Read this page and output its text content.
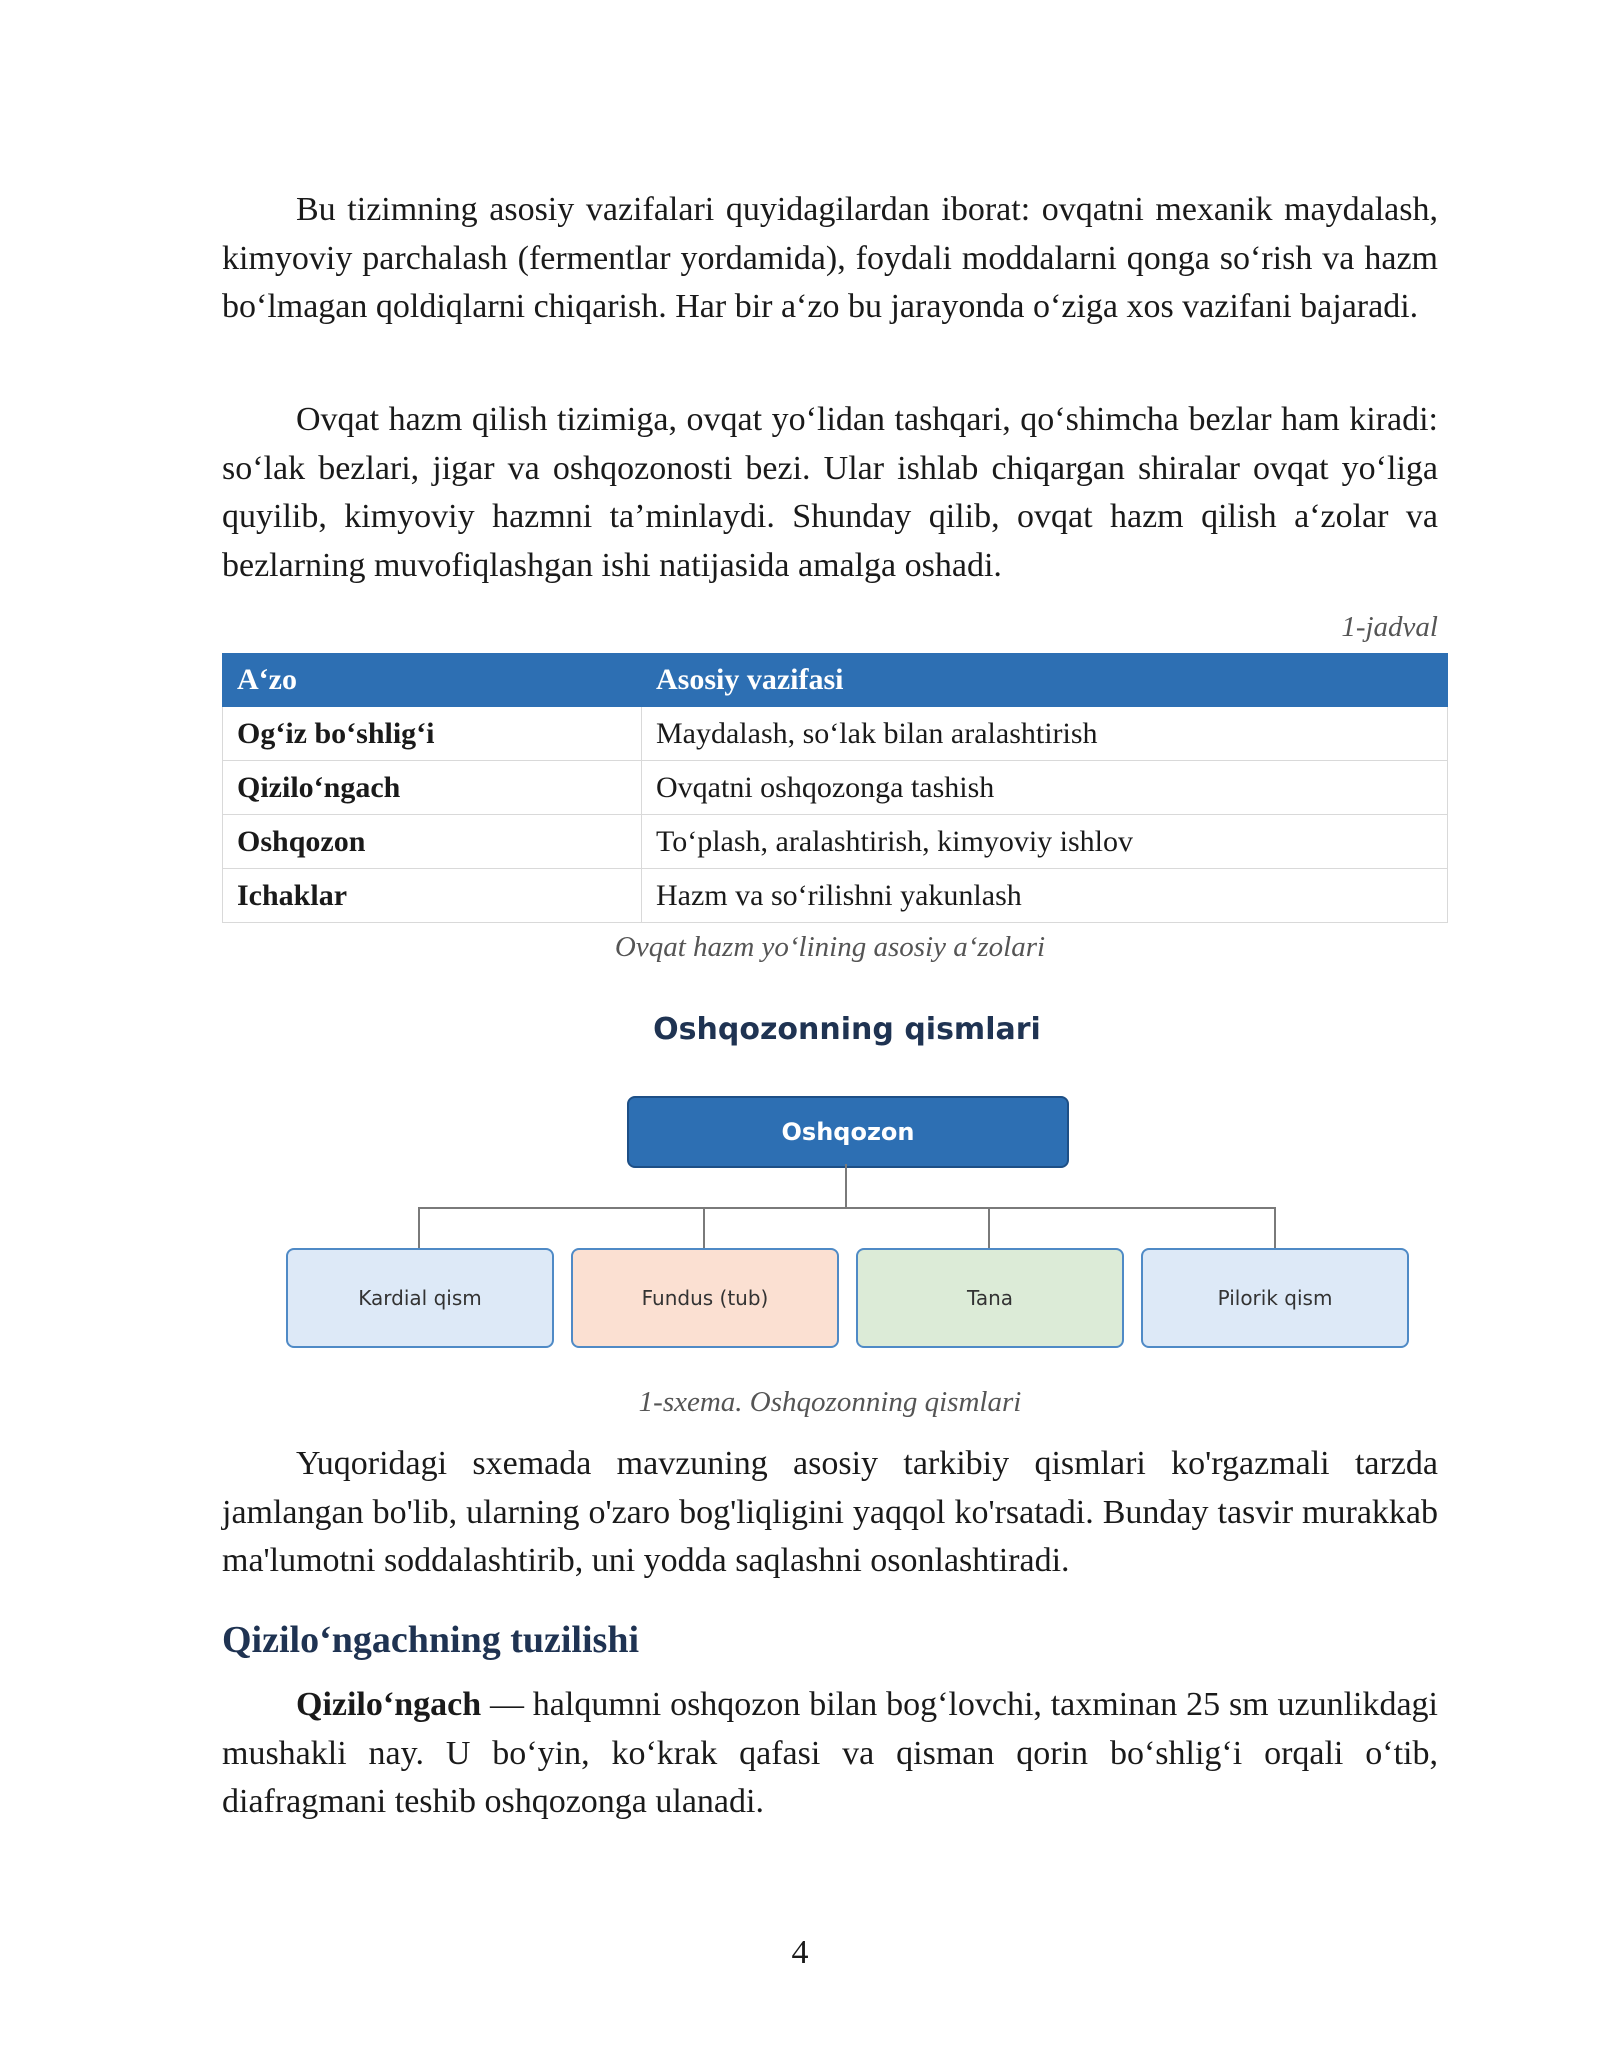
Bu tizimning asosiy vazifalari quyidagilardan iborat: ovqatni mexanik maydalash, kimyoviy parchalash (fermentlar yordamida), foydali moddalarni qonga so‘rish va hazm bo‘lmagan qoldiqlarni chiqarish. Har bir a‘zo bu jarayonda o‘ziga xos vazifani bajaradi.

Ovqat hazm qilish tizimiga, ovqat yo‘lidan tashqari, qo‘shimcha bezlar ham kiradi: so‘lak bezlari, jigar va oshqozonosti bezi. Ular ishlab chiqargan shiralar ovqat yo‘liga quyilib, kimyoviy hazmni ta’minlaydi. Shunday qilib, ovqat hazm qilish a‘zolar va bezlarning muvofiqlashgan ishi natijasida amalga oshadi.

1-jadval
A‘zo	Asosiy vazifasi
Og‘iz bo‘shlig‘i	Maydalash, so‘lak bilan aralashtirish
Qizilo‘ngach	Ovqatni oshqozonga tashish
Oshqozon	To‘plash, aralashtirish, kimyoviy ishlov
Ichaklar	Hazm va so‘rilishni yakunlash
Ovqat hazm yo‘lining asosiy a‘zolari
Oshqozonning qismlari
Oshqozon
Kardial qism	Fundus (tub)	Tana	Pilorik qism
1-sxema. Oshqozonning qismlari

Yuqoridagi sxemada mavzuning asosiy tarkibiy qismlari ko'rgazmali tarzda jamlangan bo'lib, ularning o'zaro bog'liqligini yaqqol ko'rsatadi. Bunday tasvir murakkab ma'lumotni soddalashtirib, uni yodda saqlashni osonlashtiradi.

Qizilo‘ngachning tuzilishi

Qizilo‘ngach — halqumni oshqozon bilan bog‘lovchi, taxminan 25 sm uzunlikdagi mushakli nay. U bo‘yin, ko‘krak qafasi va qisman qorin bo‘shlig‘i orqali o‘tib, diafragmani teshib oshqozonga ulanadi.

4
